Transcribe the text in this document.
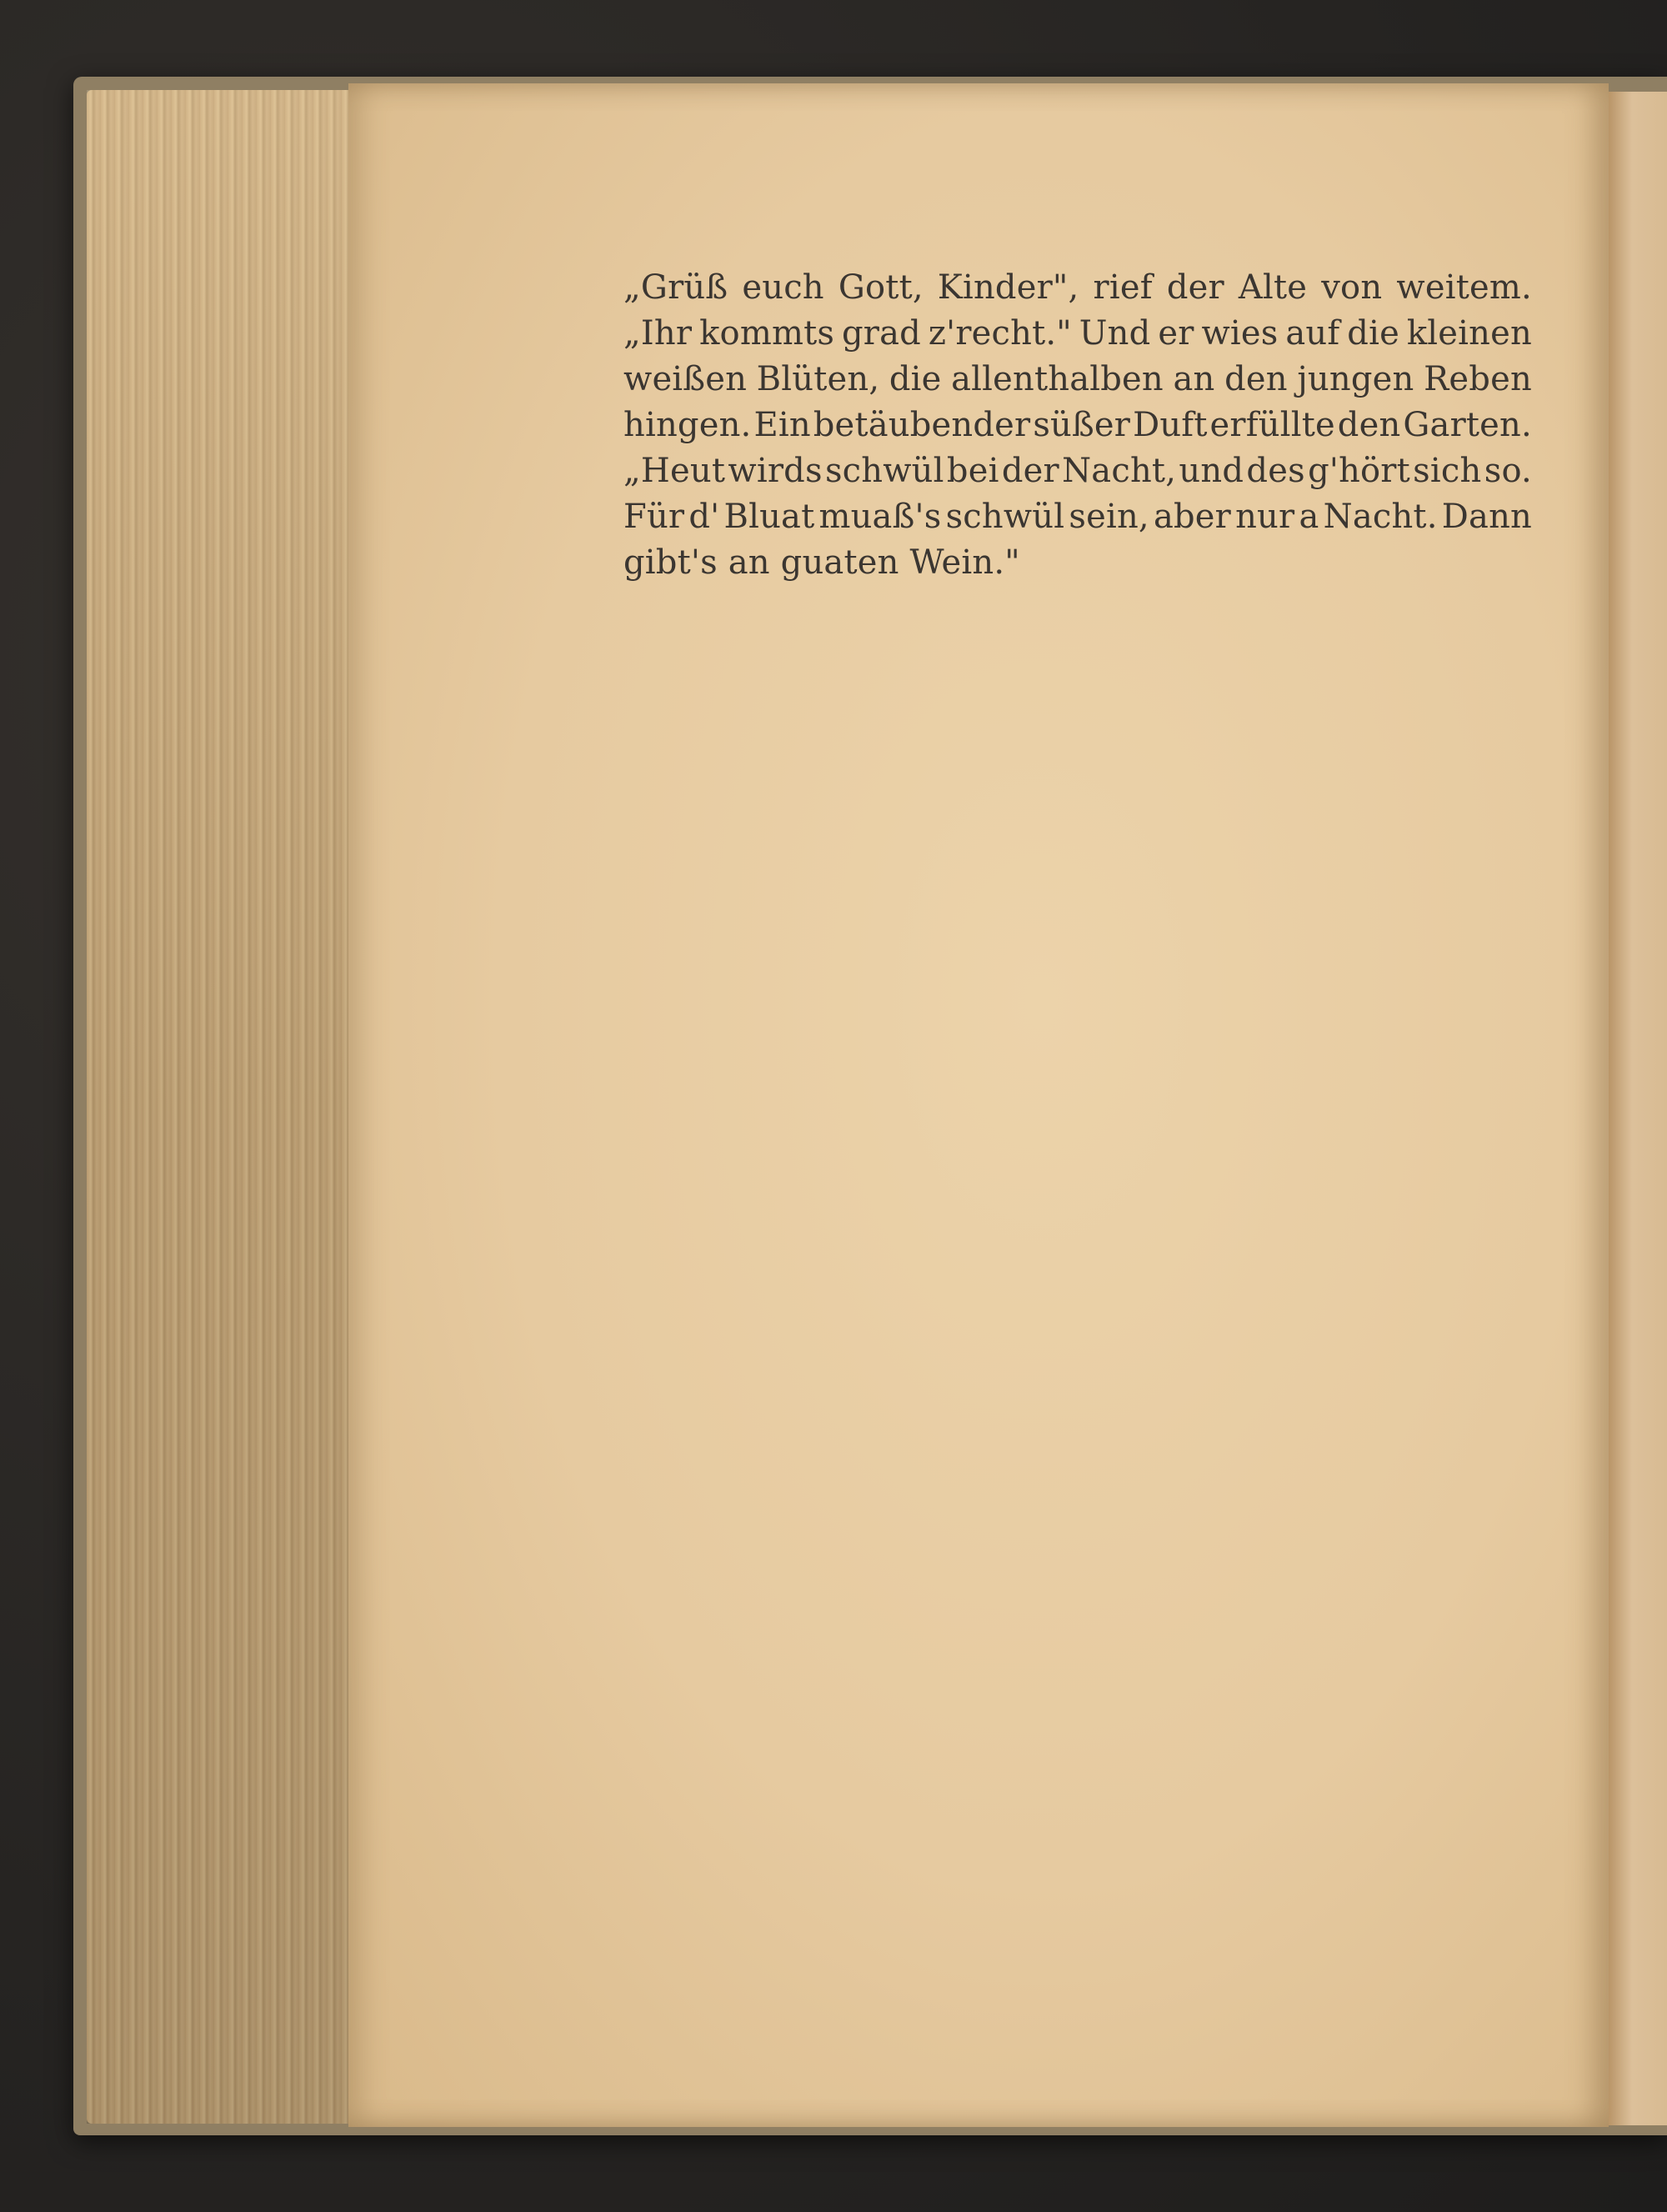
„Grüß euch Gott, Kinder", rief der Alte von weitem.
„Ihr kommts grad z'recht." Und er wies auf die kleinen
weißen Blüten, die allenthalben an den jungen Reben
hingen. Ein betäubender süßer Duft erfüllte den Garten.
„Heut wirds schwül bei der Nacht, und des g'hört sich so.
Für d' Bluat muaß's schwül sein, aber nur a Nacht. Dann
gibt's an guaten Wein."
